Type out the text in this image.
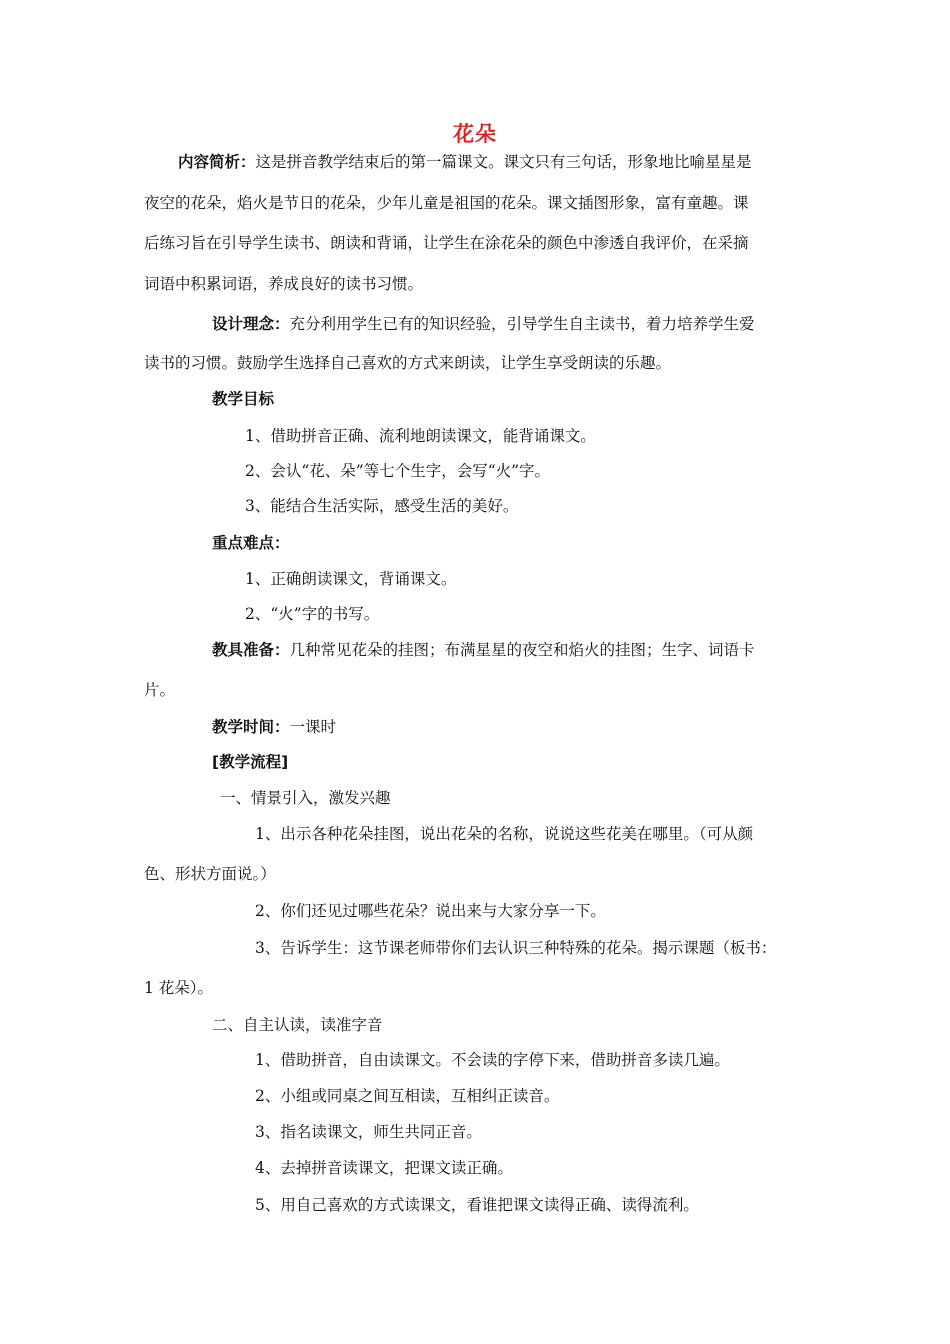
花朵
内容简析：这是拼音教学结束后的第一篇课文。课文只有三句话，形象地比喻星星是
夜空的花朵，焰火是节日的花朵，少年儿童是祖国的花朵。课文插图形象，富有童趣。课
后练习旨在引导学生读书、朗读和背诵，让学生在涂花朵的颜色中渗透自我评价，在采摘
词语中积累词语，养成良好的读书习惯。
设计理念：充分利用学生已有的知识经验，引导学生自主读书，着力培养学生爱
读书的习惯。鼓励学生选择自己喜欢的方式来朗读，让学生享受朗读的乐趣。
教学目标
1、借助拼音正确、流利地朗读课文，能背诵课文。
2、会认“花、朵”等七个生字，会写“火”字。
3、能结合生活实际，感受生活的美好。
重点难点：
1、正确朗读课文，背诵课文。
2、“火”字的书写。
教具准备：几种常见花朵的挂图；布满星星的夜空和焰火的挂图；生字、词语卡
片。
教学时间：一课时
[教学流程]
一、情景引入，激发兴趣
1、出示各种花朵挂图，说出花朵的名称，说说这些花美在哪里。（可从颜
色、形状方面说。）
2、你们还见过哪些花朵？说出来与大家分享一下。
3、告诉学生：这节课老师带你们去认识三种特殊的花朵。揭示课题（板书：
1 花朵）。
二、自主认读，读准字音
1、借助拼音，自由读课文。不会读的字停下来，借助拼音多读几遍。
2、小组或同桌之间互相读，互相纠正读音。
3、指名读课文，师生共同正音。
4、去掉拼音读课文，把课文读正确。
5、用自己喜欢的方式读课文，看谁把课文读得正确、读得流利。
